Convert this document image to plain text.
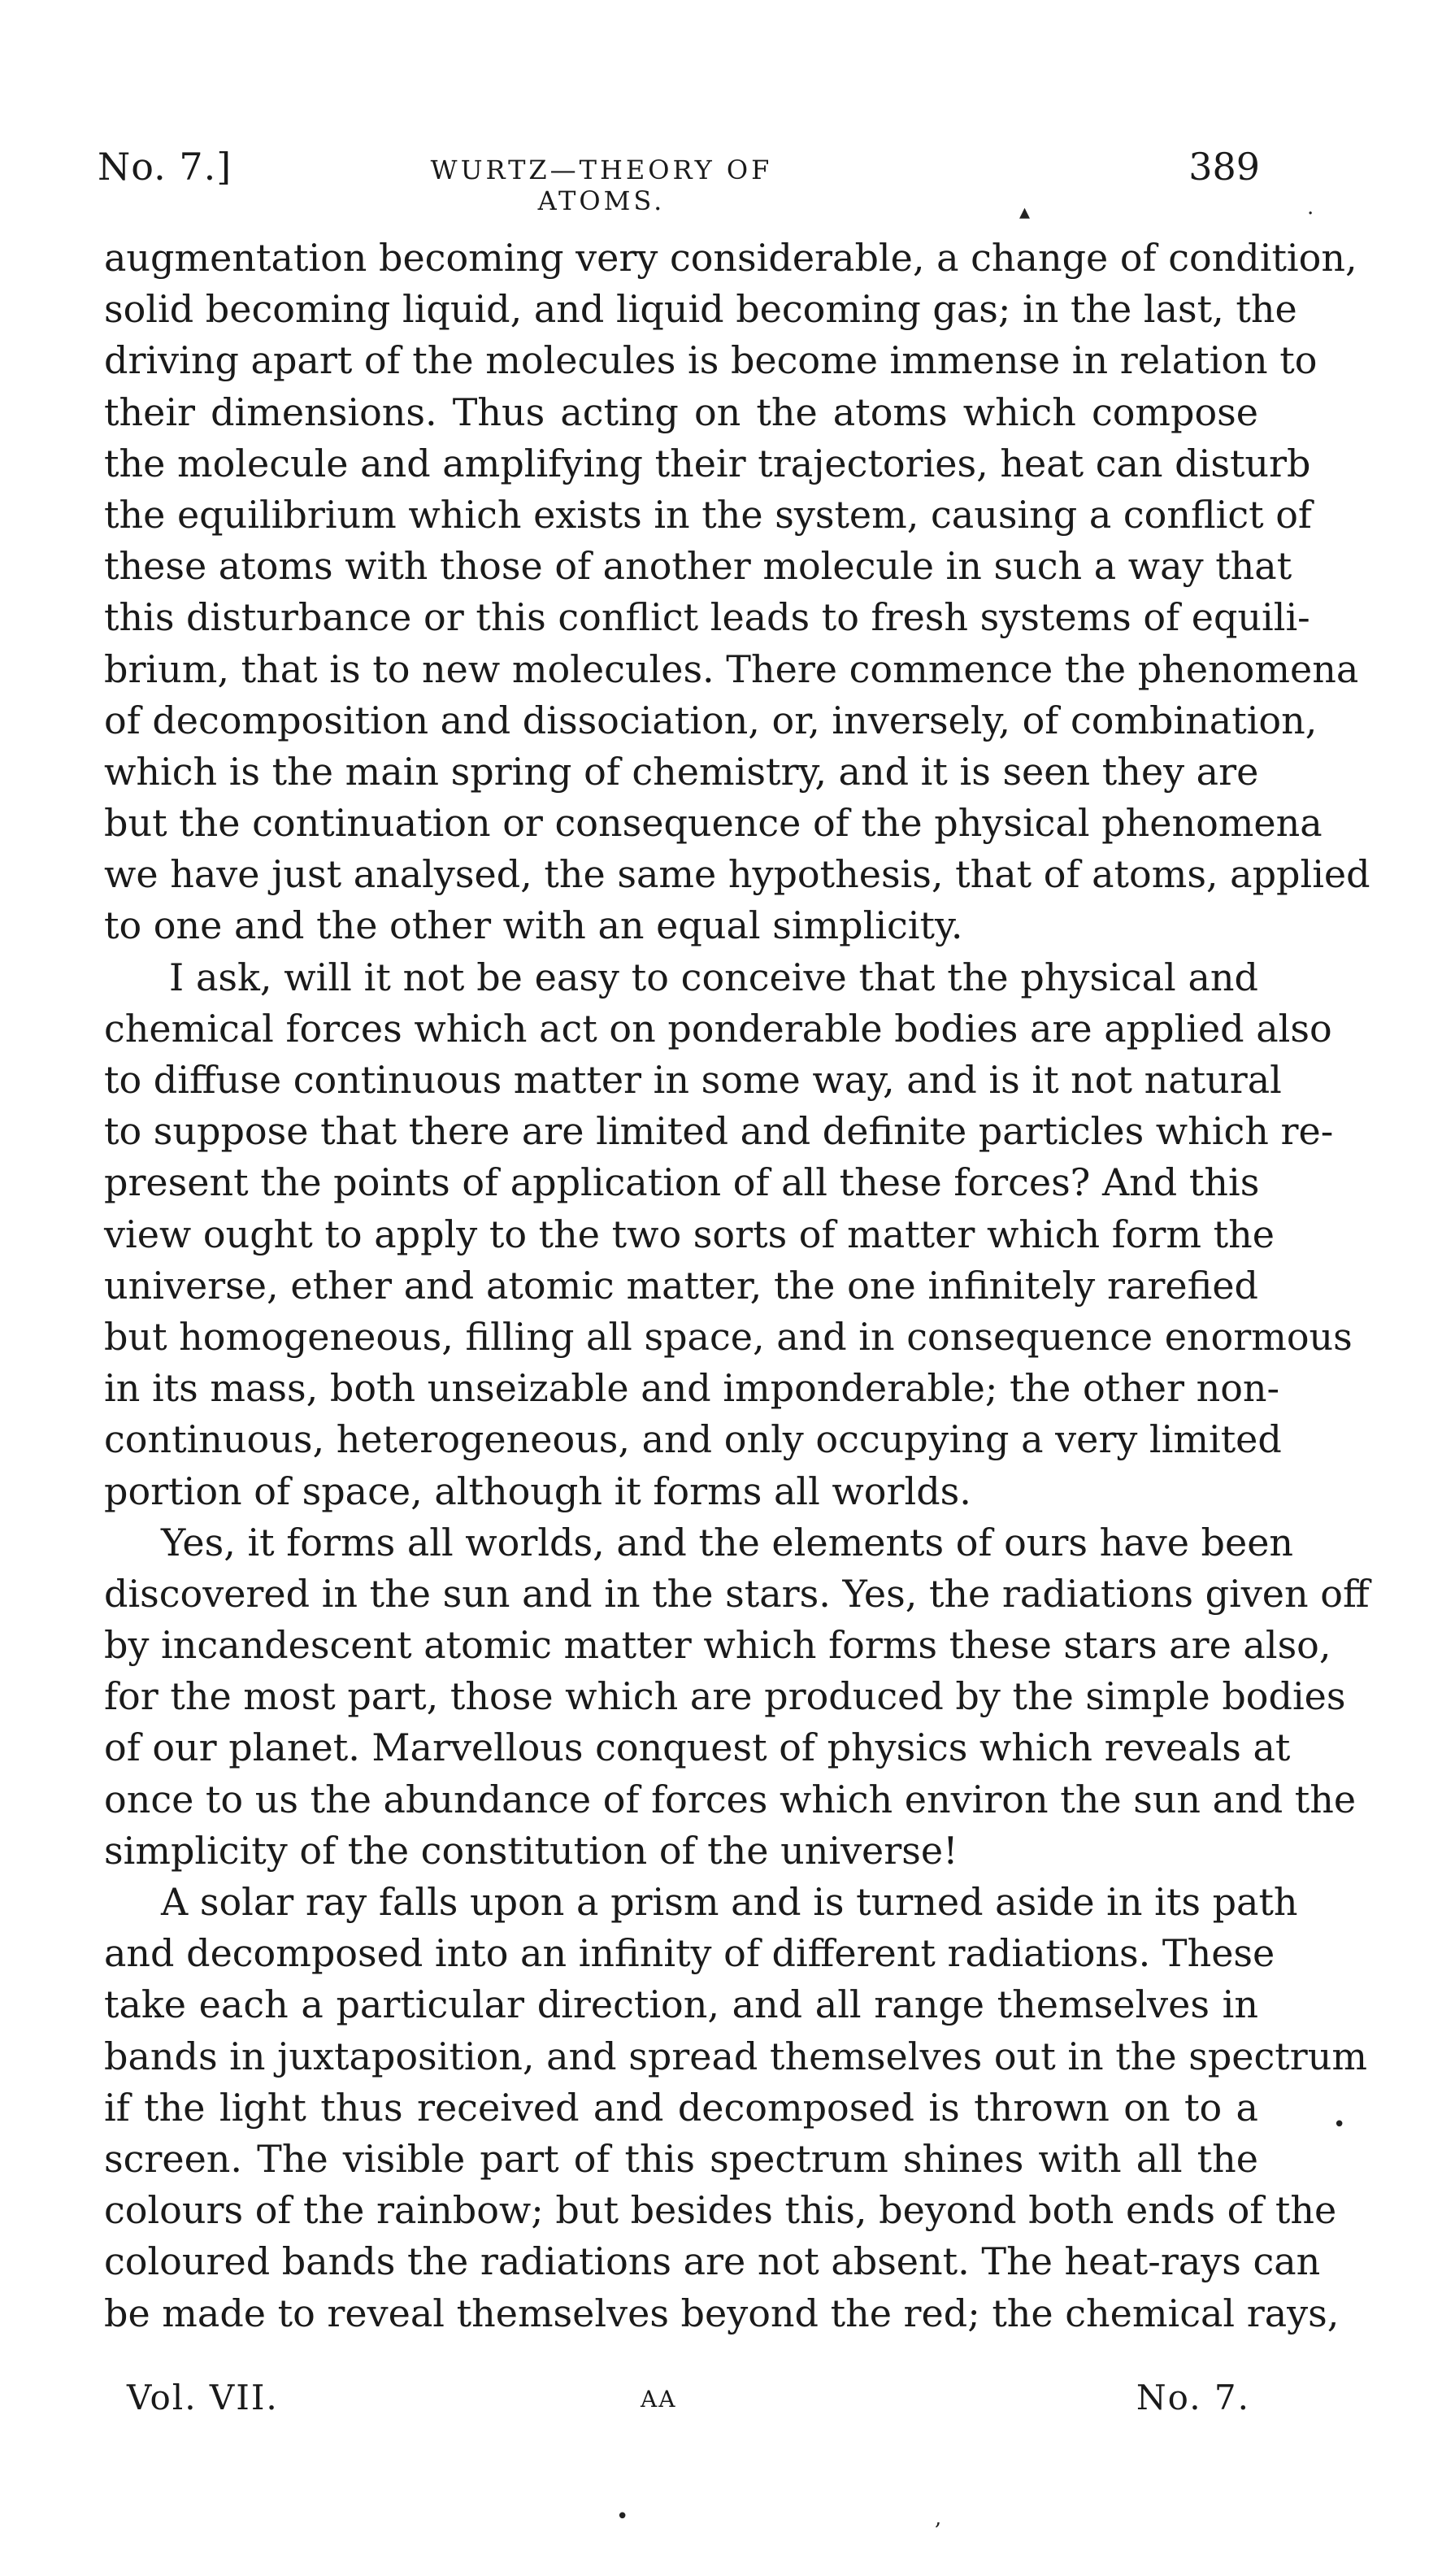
No. 7.]	WURTZ—THEORY OF ATOMS.
389
▴	.
•
•	,
augmentation becoming very considerable, a change of condition,
solid becoming liquid, and liquid becoming gas; in the last, the
driving apart of the molecules is become immense in relation to
their dimensions. Thus acting on the atoms which compose
the molecule and amplifying their trajectories, heat can disturb
the equilibrium which exists in the system, causing a conflict of
these atoms with those of another molecule in such a way that
this disturbance or this conflict leads to fresh systems of equili-
brium, that is to new molecules. There commence the phenomena
of decomposition and dissociation, or, inversely, of combination,
which is the main spring of chemistry, and it is seen they are
but the continuation or consequence of the physical phenomena
we have just analysed, the same hypothesis, that of atoms, applied
to one and the other with an equal simplicity.
I ask, will it not be easy to conceive that the physical and
chemical forces which act on ponderable bodies are applied also
to diffuse continuous matter in some way, and is it not natural
to suppose that there are limited and definite particles which re-
present the points of application of all these forces? And this
view ought to apply to the two sorts of matter which form the
universe, ether and atomic matter, the one infinitely rarefied
but homogeneous, filling all space, and in consequence enormous
in its mass, both unseizable and imponderable; the other non-
continuous, heterogeneous, and only occupying a very limited
portion of space, although it forms all worlds.
Yes, it forms all worlds, and the elements of ours have been
discovered in the sun and in the stars. Yes, the radiations given off
by incandescent atomic matter which forms these stars are also,
for the most part, those which are produced by the simple bodies
of our planet. Marvellous conquest of physics which reveals at
once to us the abundance of forces which environ the sun and the
simplicity of the constitution of the universe!
A solar ray falls upon a prism and is turned aside in its path
and decomposed into an infinity of different radiations. These
take each a particular direction, and all range themselves in
bands in juxtaposition, and spread themselves out in the spectrum
if the light thus received and decomposed is thrown on to a
screen. The visible part of this spectrum shines with all the
colours of the rainbow; but besides this, beyond both ends of the
coloured bands the radiations are not absent. The heat-rays can
be made to reveal themselves beyond the red; the chemical rays,
Vol. VII.	AA	No. 7.
